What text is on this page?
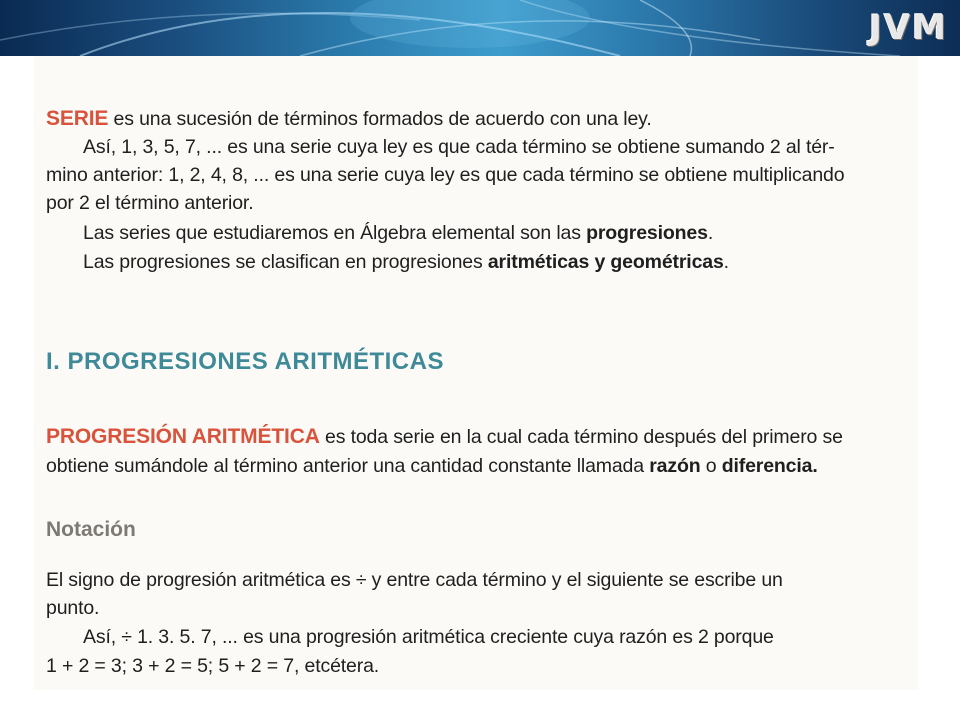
JVM
SERIE es una sucesión de términos formados de acuerdo con una ley.
Así, 1, 3, 5, 7, ... es una serie cuya ley es que cada término se obtiene sumando 2 al tér-
mino anterior: 1, 2, 4, 8, ... es una serie cuya ley es que cada término se obtiene multiplicando
por 2 el término anterior.
Las series que estudiaremos en Álgebra elemental son las progresiones.
Las progresiones se clasifican en progresiones aritméticas y geométricas.
I. PROGRESIONES ARITMÉTICAS
PROGRESIÓN ARITMÉTICA es toda serie en la cual cada término después del primero se
obtiene sumándole al término anterior una cantidad constante llamada razón o diferencia.
Notación
El signo de progresión aritmética es ÷ y entre cada término y el siguiente se escribe un
punto.
Así, ÷ 1. 3. 5. 7, ... es una progresión aritmética creciente cuya razón es 2 porque
1 + 2 = 3; 3 + 2 = 5; 5 + 2 = 7, etcétera.
